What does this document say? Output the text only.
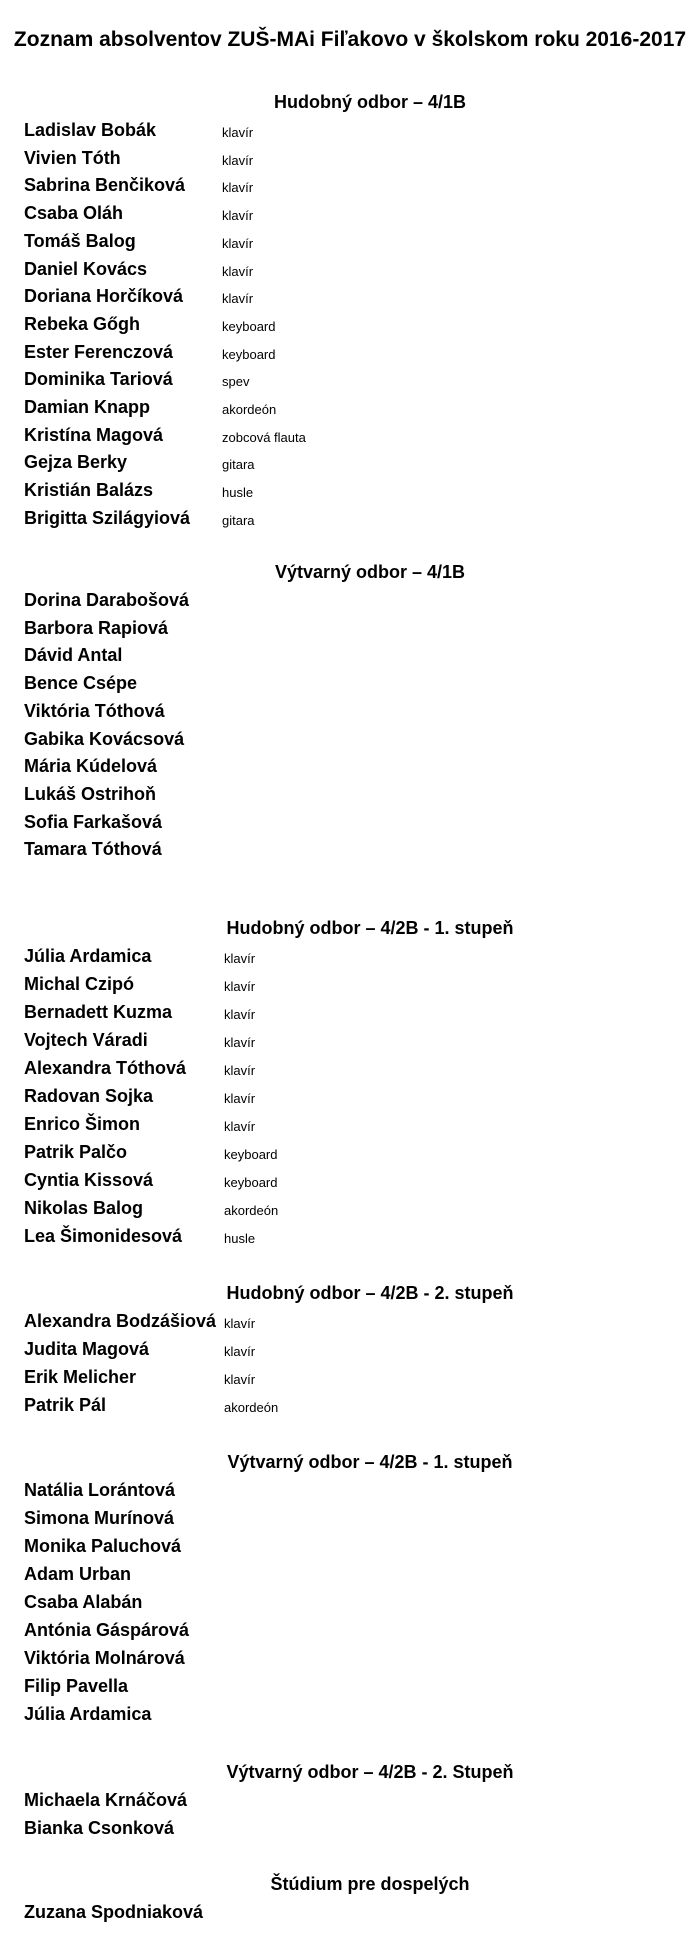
Zoznam absolventov ZUŠ-MAi Fiľakovo v školskom roku 2016-2017
Hudobný odbor – 4/1B
Ladislav Bobák	klavír
Vivien Tóth	klavír
Sabrina Benčiková	klavír
Csaba Oláh	klavír
Tomáš Balog	klavír
Daniel Kovács	klavír
Doriana Horčíková	klavír
Rebeka Gőgh	keyboard
Ester Ferenczová	keyboard
Dominika Tariová	spev
Damian Knapp	akordeón
Kristína Magová	zobcová flauta
Gejza Berky	gitara
Kristián Balázs	husle
Brigitta Szilágyiová gitara
Výtvarný odbor – 4/1B
Dorina Darabošová
Barbora Rapiová
Dávid Antal
Bence Csépe
Viktória Tóthová
Gabika Kovácsová
Mária Kúdelová
Lukáš Ostrihoň
Sofia Farkašová
Tamara Tóthová
Hudobný odbor – 4/2B - 1. stupeň
Júlia Ardamica	klavír
Michal Czipó	klavír
Bernadett Kuzma	klavír
Vojtech Váradi	klavír
Alexandra Tóthová	klavír
Radovan Sojka	klavír
Enrico Šimon	klavír
Patrik Palčo	keyboard
Cyntia Kissová	keyboard
Nikolas Balog	akordeón
Lea Šimonidesová	husle
Hudobný odbor – 4/2B - 2. stupeň
Alexandra Bodzášiová klavír
Judita Magová	klavír
Erik Melicher	klavír
Patrik Pál	akordeón
Výtvarný odbor – 4/2B - 1. stupeň
Natália Lorántová
Simona Murínová
Monika Paluchová
Adam Urban
Csaba Alabán
Antónia Gáspárová
Viktória Molnárová
Filip Pavella
Júlia Ardamica
Výtvarný odbor – 4/2B - 2. Stupeň
Michaela Krnáčová
Bianka Csonková
Štúdium pre dospelých
Zuzana Spodniaková
